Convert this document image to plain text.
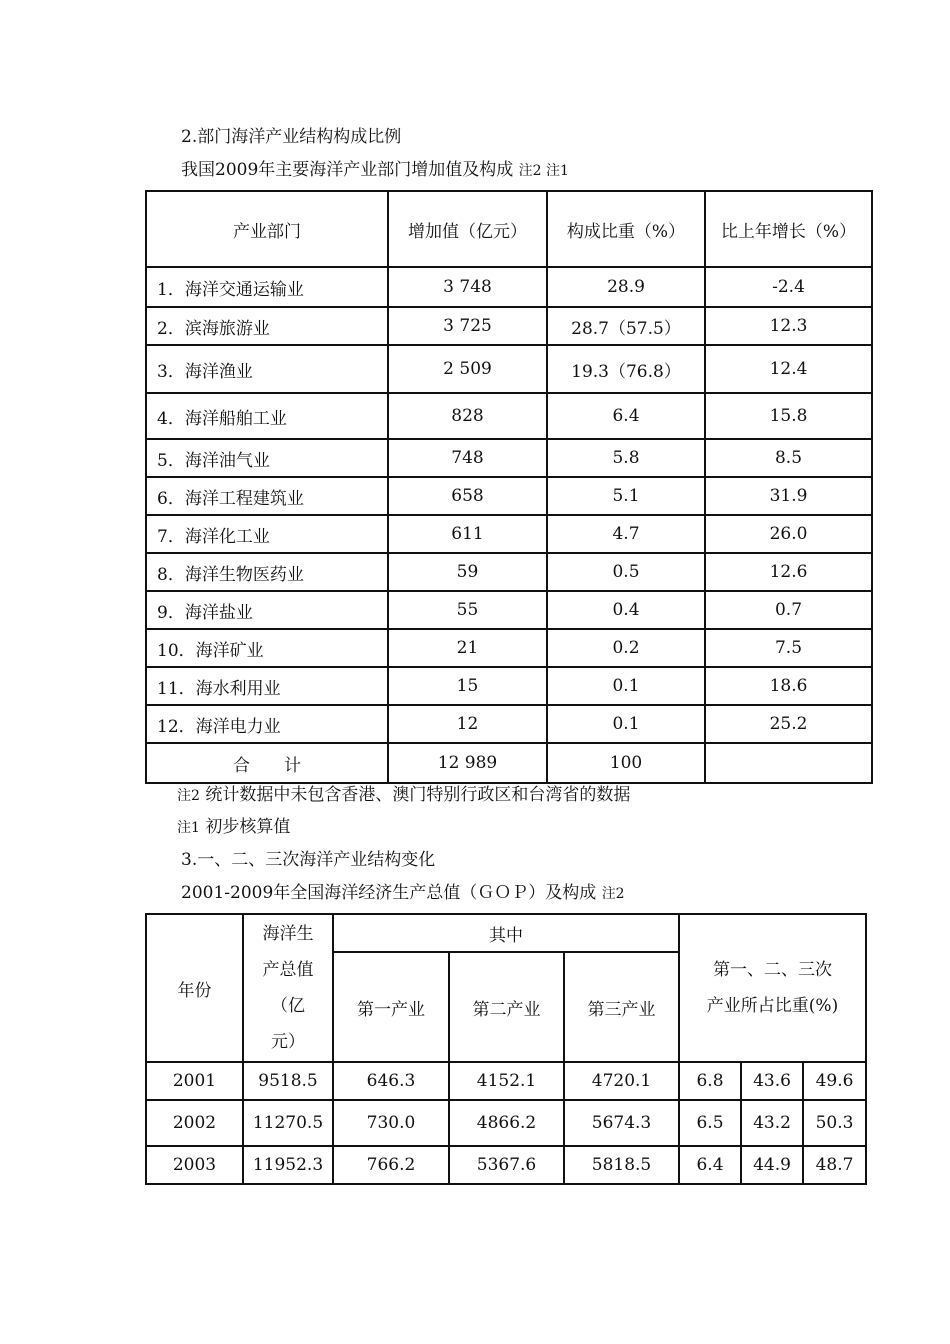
2.部门海洋产业结构构成比例
我国2009年主要海洋产业部门增加值及构成 注2 注1
产业部门	增加值（亿元）	构成比重（%）	比上年增长（%）
1．海洋交通运输业	3 748	28.9	-2.4
2．滨海旅游业	3 725	28.7（57.5）	12.3
3．海洋渔业	2 509	19.3（76.8）	12.4
4．海洋船舶工业	828	6.4	15.8
5．海洋油气业	748	5.8	8.5
6．海洋工程建筑业	658	5.1	31.9
7．海洋化工业	611	4.7	26.0
8．海洋生物医药业	59	0.5	12.6
9．海洋盐业	55	0.4	0.7
10．海洋矿业	21	0.2	7.5
11．海水利用业	15	0.1	18.6
12．海洋电力业	12	0.1	25.2
合　　计	12 989	100	
注2 统计数据中未包含香港、澳门特别行政区和台湾省的数据
注1 初步核算值
3.一、二、三次海洋产业结构变化
2001-2009年全国海洋经济生产总值（ＧＯＰ）及构成 注2
年份	海洋生
产总值
（亿
元）	其中			第一、二、三次
产业所占比重(%)		

		第一产业	第二产业	第三产业			
2001	9518.5	646.3	4152.1	4720.1	6.8	43.6	49.6
2002	11270.5	730.0	4866.2	5674.3	6.5	43.2	50.3
2003	11952.3	766.2	5367.6	5818.5	6.4	44.9	48.7
